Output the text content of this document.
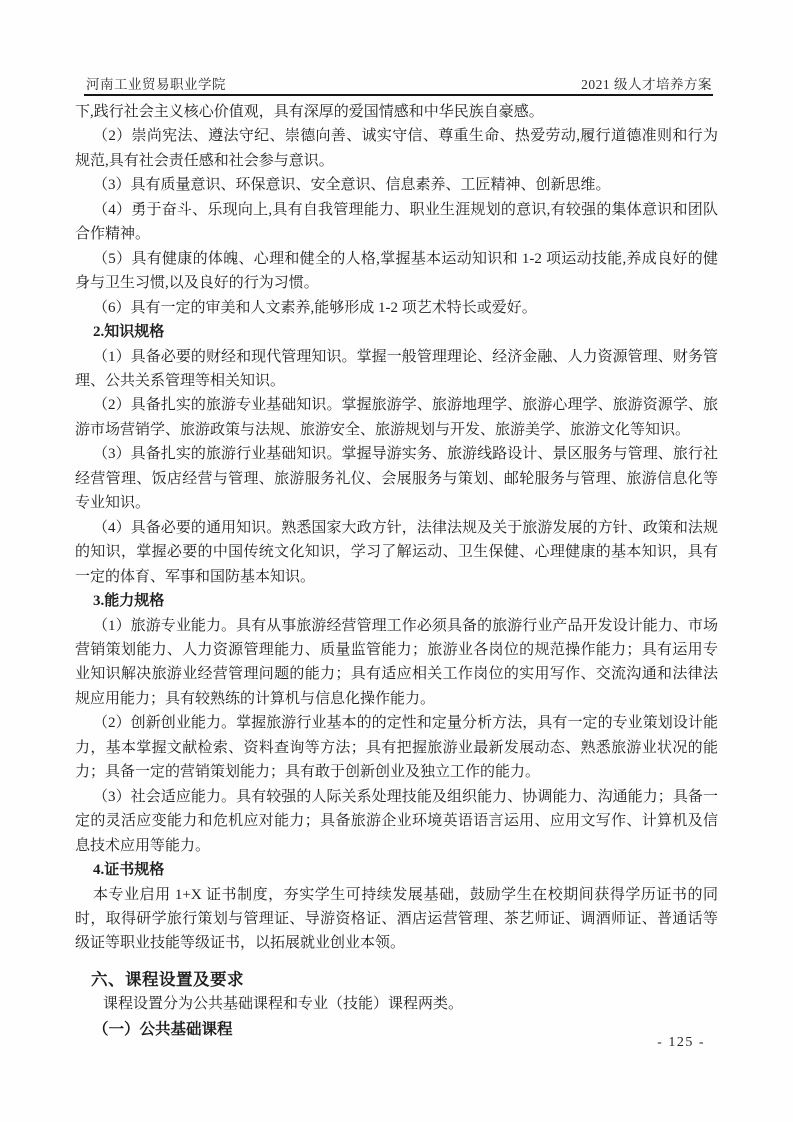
河南工业贸易职业学院	2021 级人才培养方案

下,践行社会主义核心价值观，具有深厚的爱国情感和中华民族自豪感。

（2）崇尚宪法、遵法守纪、崇德向善、诚实守信、尊重生命、热爱劳动,履行道德准则和行为规范,具有社会责任感和社会参与意识。

（3）具有质量意识、环保意识、安全意识、信息素养、工匠精神、创新思维。

（4）勇于奋斗、乐现向上,具有自我管理能力、职业生涯规划的意识,有较强的集体意识和团队合作精神。

（5）具有健康的体魄、心理和健全的人格,掌握基本运动知识和 1-2 项运动技能,养成良好的健身与卫生习惯,以及良好的行为习惯。

（6）具有一定的审美和人文素养,能够形成 1-2 项艺术特长或爱好。

2.知识规格

（1）具备必要的财经和现代管理知识。掌握一般管理理论、经济金融、人力资源管理、财务管理、公共关系管理等相关知识。

（2）具备扎实的旅游专业基础知识。掌握旅游学、旅游地理学、旅游心理学、旅游资源学、旅游市场营销学、旅游政策与法规、旅游安全、旅游规划与开发、旅游美学、旅游文化等知识。

（3）具备扎实的旅游行业基础知识。掌握导游实务、旅游线路设计、景区服务与管理、旅行社经营管理、饭店经营与管理、旅游服务礼仪、会展服务与策划、邮轮服务与管理、旅游信息化等专业知识。

（4）具备必要的通用知识。熟悉国家大政方针，法律法规及关于旅游发展的方针、政策和法规的知识，掌握必要的中国传统文化知识，学习了解运动、卫生保健、心理健康的基本知识，具有一定的体育、军事和国防基本知识。

3.能力规格

（1）旅游专业能力。具有从事旅游经营管理工作必须具备的旅游行业产品开发设计能力、市场营销策划能力、人力资源管理能力、质量监管能力；旅游业各岗位的规范操作能力；具有运用专业知识解决旅游业经营管理问题的能力；具有适应相关工作岗位的实用写作、交流沟通和法律法规应用能力；具有较熟练的计算机与信息化操作能力。

（2）创新创业能力。掌握旅游行业基本的的定性和定量分析方法，具有一定的专业策划设计能力，基本掌握文献检索、资料查询等方法；具有把握旅游业最新发展动态、熟悉旅游业状况的能力；具备一定的营销策划能力；具有敢于创新创业及独立工作的能力。

（3）社会适应能力。具有较强的人际关系处理技能及组织能力、协调能力、沟通能力；具备一定的灵活应变能力和危机应对能力；具备旅游企业环境英语语言运用、应用文写作、计算机及信息技术应用等能力。

4.证书规格

本专业启用 1+X 证书制度，夯实学生可持续发展基础，鼓励学生在校期间获得学历证书的同时，取得研学旅行策划与管理证、导游资格证、酒店运营管理、茶艺师证、调酒师证、普通话等级证等职业技能等级证书，以拓展就业创业本领。

六、课程设置及要求

课程设置分为公共基础课程和专业（技能）课程两类。

（一）公共基础课程

- 125 -
